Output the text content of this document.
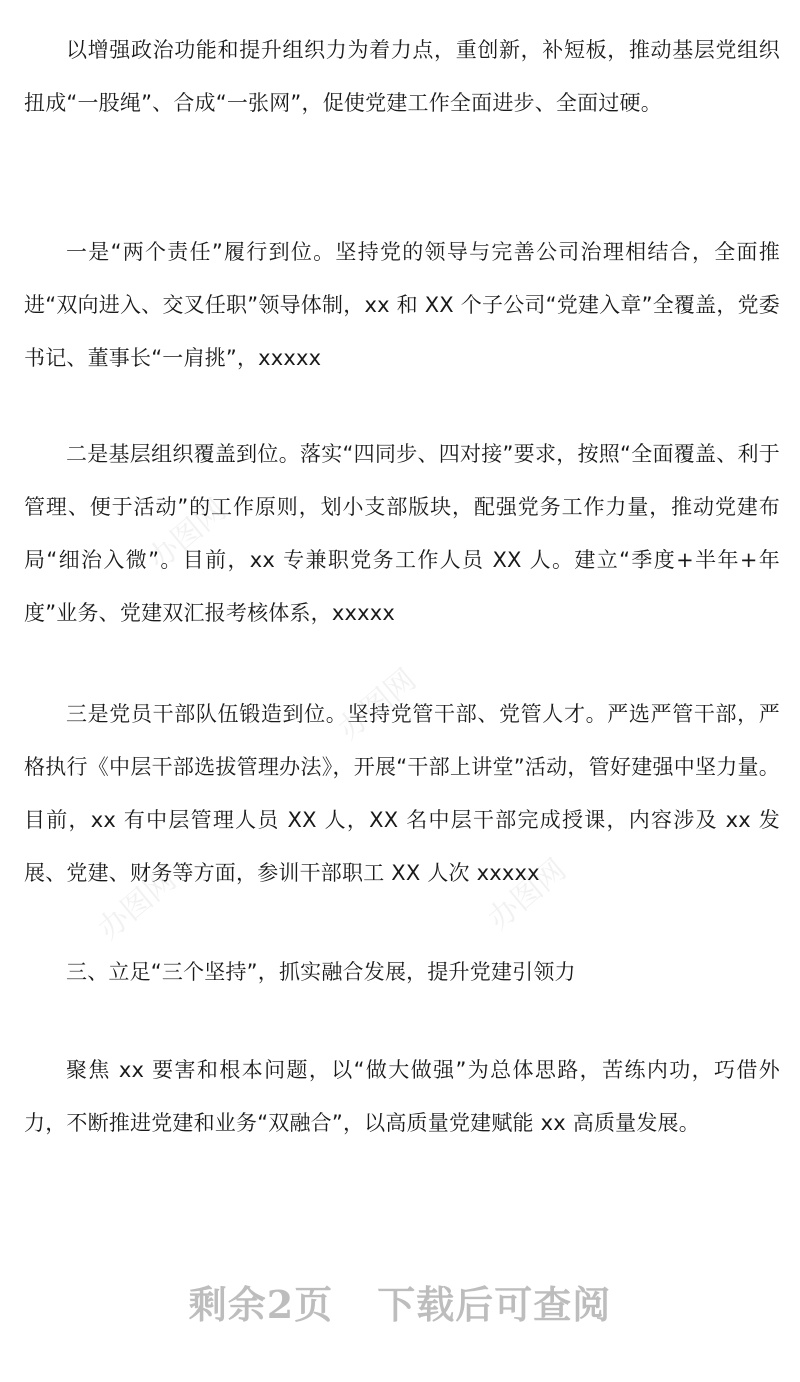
办图网
办图网	办图网
办图网

以增强政治功能和提升组织力为着力点，重创新，补短板，推动基层党组织扭成“一股绳”、合成“一张网”，促使党建工作全面进步、全面过硬。

一是“两个责任”履行到位。坚持党的领导与完善公司治理相结合，全面推进“双向进入、交叉任职”领导体制，xx 和 XX 个子公司“党建入章”全覆盖，党委书记、董事长“一肩挑”，xxxxx

二是基层组织覆盖到位。落实“四同步、四对接”要求，按照“全面覆盖、利于管理、便于活动”的工作原则，划小支部版块，配强党务工作力量，推动党建布局“细治入微”。目前，xx 专兼职党务工作人员 XX 人。建立“季度+半年+年度”业务、党建双汇报考核体系，xxxxx

三是党员干部队伍锻造到位。坚持党管干部、党管人才。严选严管干部，严格执行《中层干部选拔管理办法》，开展“干部上讲堂”活动，管好建强中坚力量。目前，xx 有中层管理人员 XX 人，XX 名中层干部完成授课，内容涉及 xx 发展、党建、财务等方面，参训干部职工 XX 人次 xxxxx

三、立足“三个坚持”，抓实融合发展，提升党建引领力

聚焦 xx 要害和根本问题，以“做大做强”为总体思路，苦练内功，巧借外力，不断推进党建和业务“双融合”，以高质量党建赋能 xx 高质量发展。

剩余2页 下载后可查阅
